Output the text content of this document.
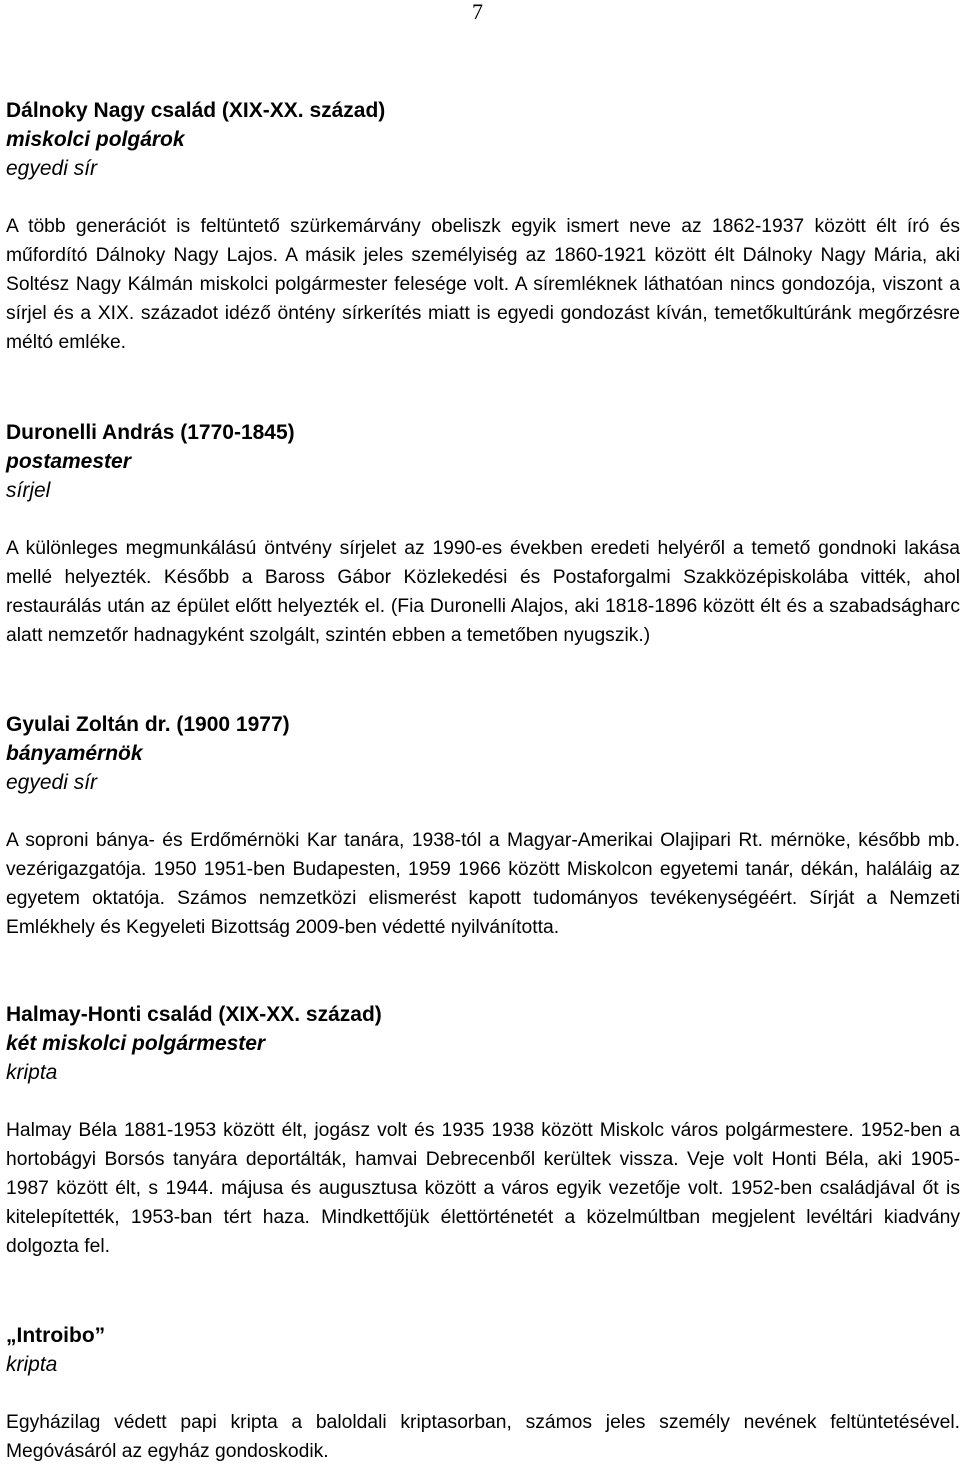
7
Dálnoky Nagy család (XIX-XX. század)
miskolci polgárok
egyedi sír
A több generációt is feltüntető szürkemárvány obeliszk egyik ismert neve az 1862-1937 között élt író és műfordító Dálnoky Nagy Lajos. A másik jeles személyiség az 1860-1921 között élt Dálnoky Nagy Mária, aki Soltész Nagy Kálmán miskolci polgármester felesége volt. A síremléknek láthatóan nincs gondozója, viszont a sírjel és a XIX. századot idéző öntény sírkerítés miatt is egyedi gondozást kíván, temetőkultúránk megőrzésre méltó emléke.
Duronelli András (1770-1845)
postamester
sírjel
A különleges megmunkálású öntvény sírjelet az 1990-es években eredeti helyéről a temető gondnoki lakása mellé helyezték. Később a Baross Gábor Közlekedési és Postaforgalmi Szakközépiskolába vitték, ahol restaurálás után az épület előtt helyezték el. (Fia Duronelli Alajos, aki 1818-1896 között élt és a szabadságharc alatt nemzetőr hadnagyként szolgált, szintén ebben a temetőben nyugszik.)
Gyulai Zoltán dr. (1900 1977)
bányamérnök
egyedi sír
A soproni bánya- és Erdőmérnöki Kar tanára, 1938-tól a Magyar-Amerikai Olajipari Rt. mérnöke, később mb. vezérigazgatója. 1950 1951-ben Budapesten, 1959 1966 között Miskolcon egyetemi tanár, dékán, haláláig az egyetem oktatója. Számos nemzetközi elismerést kapott tudományos tevékenységéért. Sírját a Nemzeti Emlékhely és Kegyeleti Bizottság 2009-ben védetté nyilvánította.
Halmay-Honti család (XIX-XX. század)
két miskolci polgármester
kripta
Halmay Béla 1881-1953 között élt, jogász volt és 1935 1938 között Miskolc város polgármestere. 1952-ben a hortobágyi Borsós tanyára deportálták, hamvai Debrecenből kerültek vissza. Veje volt Honti Béla, aki 1905-1987 között élt, s 1944. májusa és augusztusa között a város egyik vezetője volt. 1952-ben családjával őt is kitelepítették, 1953-ban tért haza. Mindkettőjük élettörténetét a közelmúltban megjelent levéltári kiadvány dolgozta fel.
„Introibo”
kripta
Egyházilag védett papi kripta a baloldali kriptasorban, számos jeles személy nevének feltüntetésével. Megóvásáról az egyház gondoskodik.
